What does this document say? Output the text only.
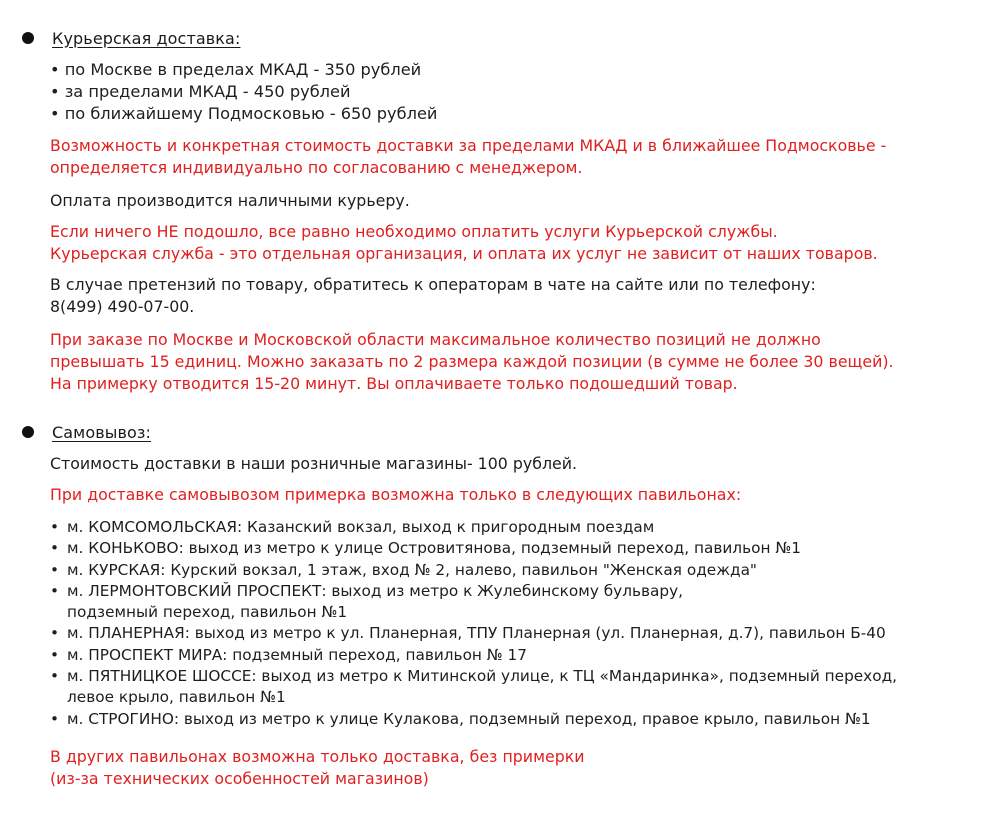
Курьерская доставка:
• по Москве в пределах МКАД - 350 рублей
• за пределами МКАД - 450 рублей
• по ближайшему Подмосковью - 650 рублей
Возможность и конкретная стоимость доставки за пределами МКАД и в ближайшее Подмосковье -
определяется индивидуально по согласованию с менеджером.
Оплата производится наличными курьеру.
Если ничего НЕ подошло, все равно необходимо оплатить услуги Курьерской службы.
Курьерская служба - это отдельная организация, и оплата их услуг не зависит от наших товаров.
В случае претензий по товару, обратитесь к операторам в чате на сайте или по телефону:
8(499) 490-07-00.
При заказе по Москве и Московской области максимальное количество позиций не должно
превышать 15 единиц. Можно заказать по 2 размера каждой позиции (в сумме не более 30 вещей).
На примерку отводится 15-20 минут. Вы оплачиваете только подошедший товар.
Самовывоз:
Стоимость доставки в наши розничные магазины- 100 рублей.
При доставке самовывозом примерка возможна только в следующих павильонах:
• м. КОМСОМОЛЬСКАЯ: Казанский вокзал, выход к пригородным поездам
• м. КОНЬКОВО: выход из метро к улице Островитянова, подземный переход, павильон №1
• м. КУРСКАЯ: Курский вокзал, 1 этаж, вход № 2, налево, павильон "Женская одежда"
• м. ЛЕРМОНТОВСКИЙ ПРОСПЕКТ: выход из метро к Жулебинскому бульвару,
подземный переход, павильон №1
• м. ПЛАНЕРНАЯ: выход из метро к ул. Планерная, ТПУ Планерная (ул. Планерная, д.7), павильон Б-40
• м. ПРОСПЕКТ МИРА: подземный переход, павильон № 17
• м. ПЯТНИЦКОЕ ШОССЕ: выход из метро к Митинской улице, к ТЦ «Мандаринка», подземный переход,
левое крыло, павильон №1
• м. СТРОГИНО: выход из метро к улице Кулакова, подземный переход, правое крыло, павильон №1
В других павильонах возможна только доставка, без примерки
(из-за технических особенностей магазинов)
